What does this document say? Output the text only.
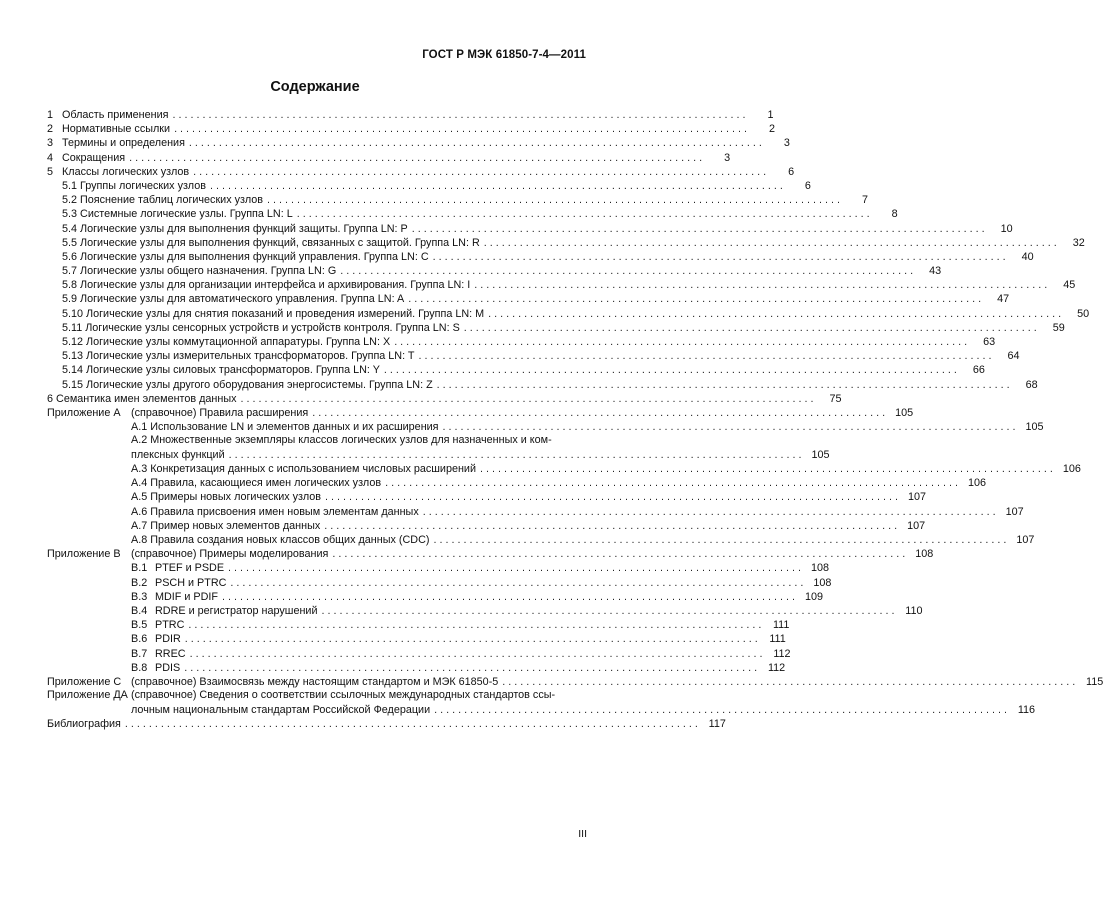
ГОСТ Р МЭК 61850-7-4—2011
Содержание
1 Область применения . . .	1
2 Нормативные ссылки . . .	2
3 Термины и определения . . .	3
4 Сокращения . . .	3
5 Классы логических узлов . . .	6
5.1 Группы логических узлов . . .	6
5.2 Пояснение таблиц логических узлов . . .	7
5.3 Системные логические узлы. Группа LN: L . . .	8
5.4 Логические узлы для выполнения функций защиты. Группа LN: P . . .	10
5.5 Логические узлы для выполнения функций, связанных с защитой. Группа LN: R . . .	32
5.6 Логические узлы для выполнения функций управления. Группа LN: C . . .	40
5.7 Логические узлы общего назначения. Группа LN: G . . .	43
5.8 Логические узлы для организации интерфейса и архивирования. Группа LN: I . . .	45
5.9 Логические узлы для автоматического управления. Группа LN: A . . .	47
5.10 Логические узлы для снятия показаний и проведения измерений. Группа LN: M . . .	50
5.11 Логические узлы сенсорных устройств и устройств контроля. Группа LN: S . . .	59
5.12 Логические узлы коммутационной аппаратуры. Группа LN: X . . .	63
5.13 Логические узлы измерительных трансформаторов. Группа LN: T . . .	64
5.14 Логические узлы силовых трансформаторов. Группа LN: Y . . .	66
5.15 Логические узлы другого оборудования энергосистемы. Группа LN: Z . . .	68
6 Семантика имен элементов данных . . .	75
Приложение А (справочное) Правила расширения . . .	105
A.1 Использование LN и элементов данных и их расширения . . .	105
A.2 Множественные экземпляры классов логических узлов для назначенных и ком-
плексных функций . . .	105
A.3 Конкретизация данных с использованием числовых расширений . . .	106
A.4 Правила, касающиеся имен логических узлов . . .	106
A.5 Примеры новых логических узлов . . .	107
A.6 Правила присвоения имен новым элементам данных . . .	107
A.7 Пример новых элементов данных . . .	107
A.8 Правила создания новых классов общих данных (CDC) . . .	107
Приложение В (справочное) Примеры моделирования . . .	108
В.1 PTEF и PSDE . . .	108
В.2 PSCH и PTRC . . .	108
В.3 MDIF и PDIF . . .	109
В.4 RDRE и регистратор нарушений . . .	110
В.5 PTRC . . .	111
В.6 PDIR . . .	111
В.7 RREC . . .	112
В.8 PDIS . . .	112
Приложение С (справочное) Взаимосвязь между настоящим стандартом и МЭК 61850-5 . . .	115
Приложение ДА (справочное) Сведения о соответствии ссылочных международных стандартов ссы-
лочным национальным стандартам Российской Федерации . . .	116
Библиография . . .	117
III
